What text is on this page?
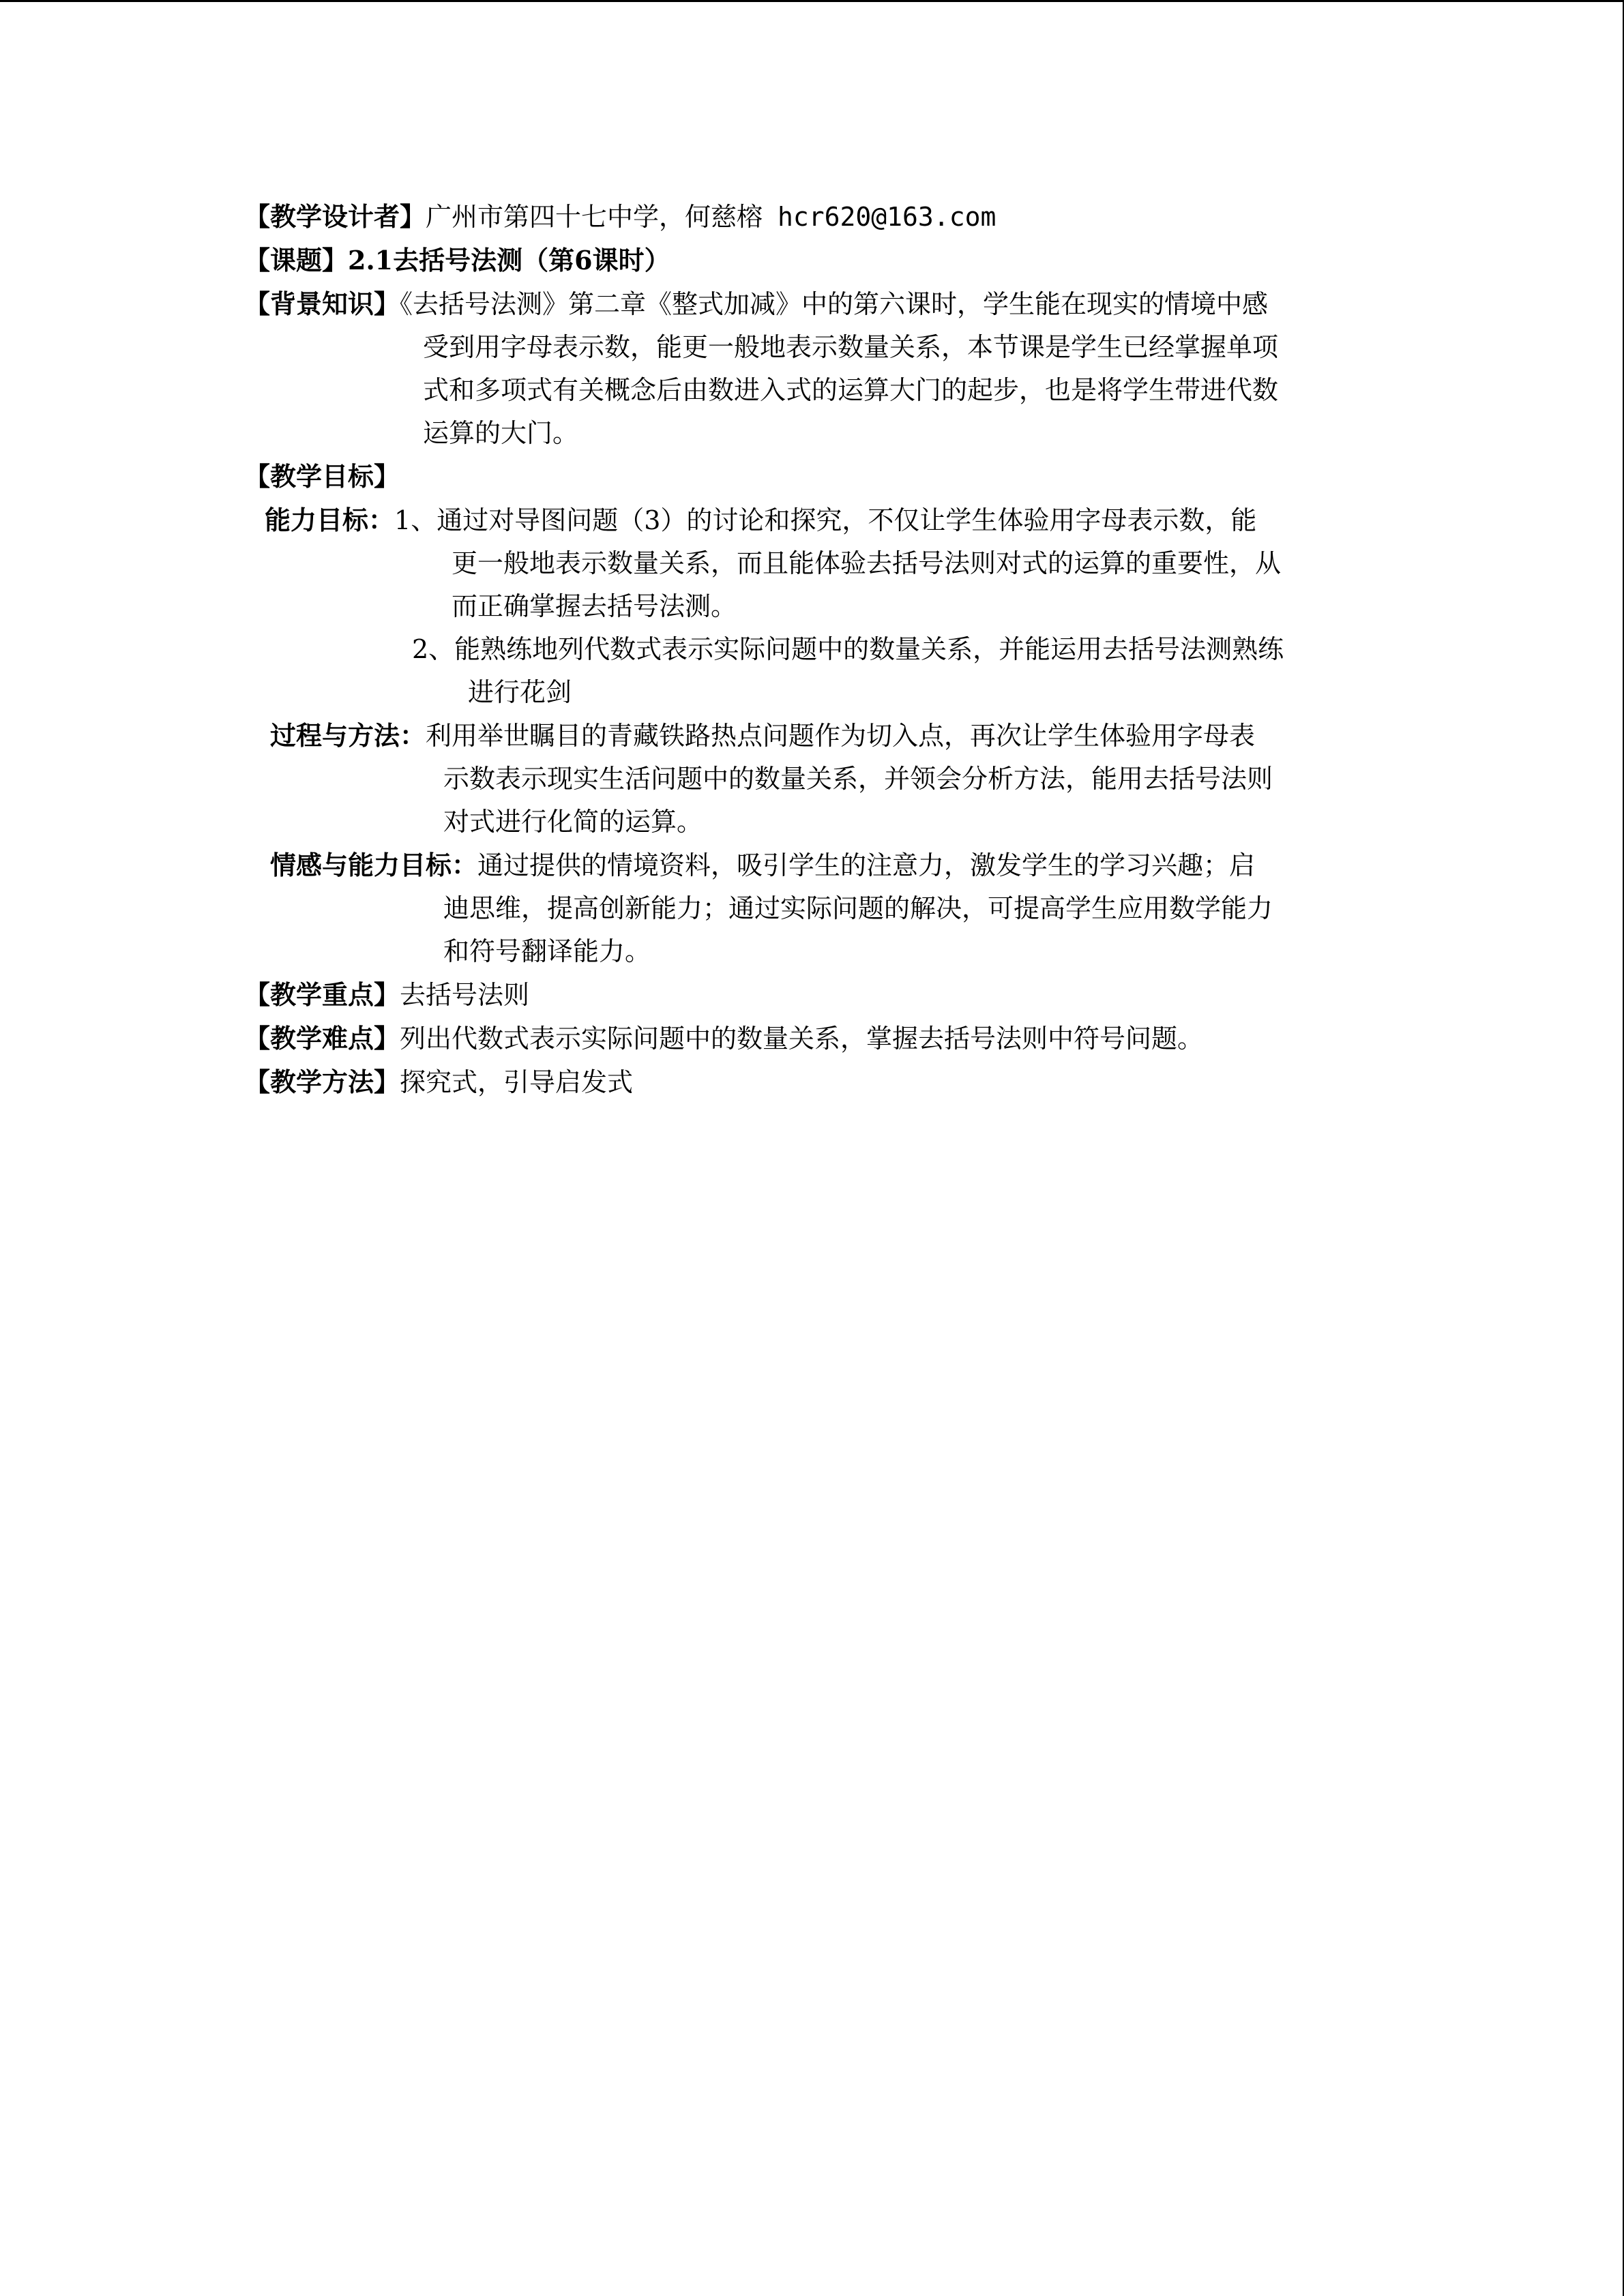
【教学设计者】广州市第四十七中学，何慈榕 hcr620@163.com
【课题】2.1去括号法测（第6课时）
【背景知识】《去括号法测》第二章《整式加减》中的第六课时，学生能在现实的情境中感
受到用字母表示数，能更一般地表示数量关系，本节课是学生已经掌握单项
式和多项式有关概念后由数进入式的运算大门的起步，也是将学生带进代数
运算的大门。
【教学目标】
能力目标：1、通过对导图问题（3）的讨论和探究，不仅让学生体验用字母表示数，能
更一般地表示数量关系，而且能体验去括号法则对式的运算的重要性，从
而正确掌握去括号法测。
2、能熟练地列代数式表示实际问题中的数量关系，并能运用去括号法测熟练
进行花剑
过程与方法：利用举世瞩目的青藏铁路热点问题作为切入点，再次让学生体验用字母表
示数表示现实生活问题中的数量关系，并领会分析方法，能用去括号法则
对式进行化简的运算。
情感与能力目标：通过提供的情境资料，吸引学生的注意力，激发学生的学习兴趣；启
迪思维，提高创新能力；通过实际问题的解决，可提高学生应用数学能力
和符号翻译能力。
【教学重点】去括号法则
【教学难点】列出代数式表示实际问题中的数量关系，掌握去括号法则中符号问题。
【教学方法】探究式，引导启发式
